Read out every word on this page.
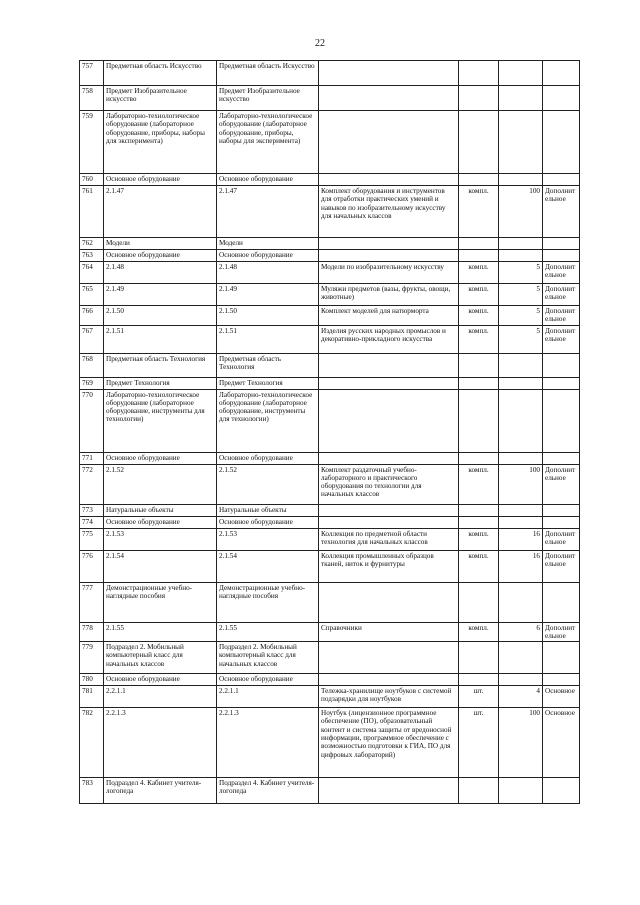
22
757	Предметная область Искусство	Предметная область Искусство				
758	Предмет Изобразительное искусство	Предмет Изобразительное искусство				
759	Лабораторно-технологическое оборудование (лабораторное оборудование, приборы, наборы для эксперимента)	Лабораторно-технологическое оборудование (лабораторное оборудование, приборы, наборы для эксперимента)				
760	Основное оборудование	Основное оборудование				
761	2.1.47	2.1.47	Комплект оборудования и инструментов для отработки практических умений и навыков по изобразительному искусству для начальных классов	компл.	100	Дополнительное
762	Модели	Модели				
763	Основное оборудование	Основное оборудование				
764	2.1.48	2.1.48	Модели по изобразительному искусству	компл.	5	Дополнительное
765	2.1.49	2.1.49	Муляжи предметов (вазы, фрукты, овощи, животные)	компл.	5	Дополнительное
766	2.1.50	2.1.50	Комплект моделей для натюрморта	компл.	5	Дополнительное
767	2.1.51	2.1.51	Изделия русских народных промыслов и декоративно-прикладного искусства	компл.	5	Дополнительное
768	Предметная область Технология	Предметная область Технология				
769	Предмет Технология	Предмет Технология				
770	Лабораторно-технологическое оборудование (лабораторное оборудование, инструменты для технологии)	Лабораторно-технологическое оборудование (лабораторное оборудование, инструменты для технологии)				
771	Основное оборудование	Основное оборудование				
772	2.1.52	2.1.52	Комплект раздаточный учебно-лабораторного и практического оборудования по технологии для начальных классов	компл.	100	Дополнительное
773	Натуральные объекты	Натуральные объекты				
774	Основное оборудование	Основное оборудование				
775	2.1.53	2.1.53	Коллекция по предметной области технология для начальных классов	компл.	16	Дополнительное
776	2.1.54	2.1.54	Коллекция промышленных образцов тканей, ниток и фурнитуры	компл.	16	Дополнительное
777	Демонстрационные учебно-наглядные пособия	Демонстрационные учебно-наглядные пособия				
778	2.1.55	2.1.55	Справочники	компл.	6	Дополнительное
779	Подраздел 2. Мобильный компьютерный класс для начальных классов	Подраздел 2. Мобильный компьютерный класс для начальных классов				
780	Основное оборудование	Основное оборудование				
781	2.2.1.1	2.2.1.1	Тележка-хранилище ноутбуков с системой подзарядки для ноутбуков	шт.	4	Основное
782	2.2.1.3	2.2.1.3	Ноутбук (лицензионное программное обеспечение (ПО), образовательный контент и система защиты от вредоносной информации, программное обеспечение с возможностью подготовки к ГИА, ПО для цифровых лабораторий)	шт.	100	Основное
783	Подраздел 4. Кабинет учителя-логопеда	Подраздел 4. Кабинет учителя-логопеда				
